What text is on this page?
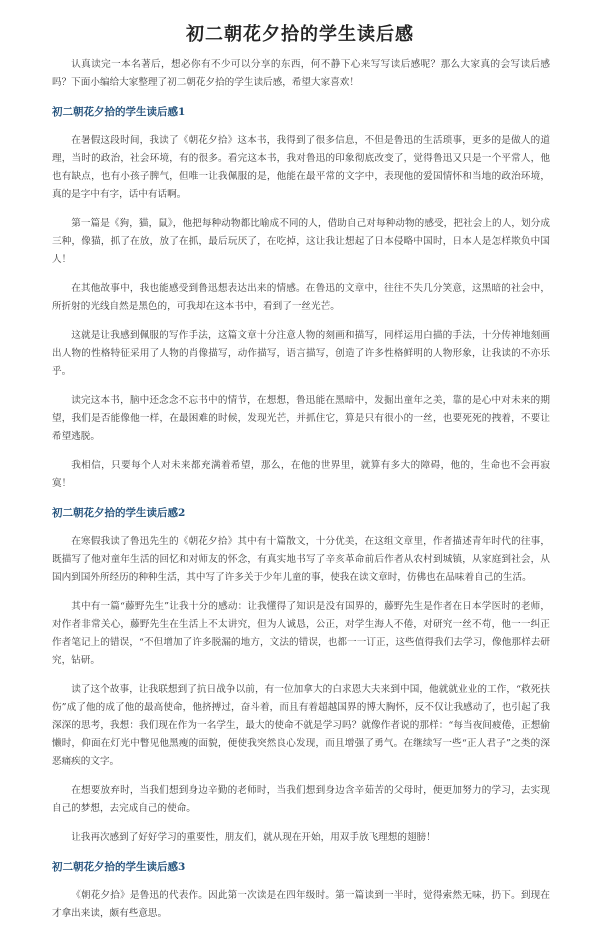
初二朝花夕拾的学生读后感

认真读完一本名著后，想必你有不少可以分享的东西，何不静下心来写写读后感呢？那么大家真的会写读后感吗？下面小编给大家整理了初二朝花夕拾的学生读后感，希望大家喜欢！

初二朝花夕拾的学生读后感1

在暑假这段时间，我读了《朝花夕拾》这本书，我得到了很多信息，不但是鲁迅的生活琐事，更多的是做人的道理，当时的政治，社会环境，有的很多。看完这本书，我对鲁迅的印象彻底改变了，觉得鲁迅又只是一个平常人，他也有缺点，也有小孩子脾气，但唯一让我佩服的是，他能在最平常的文字中，表现他的爱国情怀和当地的政治环境，真的是字中有字，话中有话啊。

第一篇是《狗，猫，鼠》，他把每种动物都比喻成不同的人，借助自己对每种动物的感受，把社会上的人，划分成三种，像猫，抓了在放，放了在抓，最后玩厌了，在吃掉，这让我让想起了日本侵略中国时，日本人是怎样欺负中国人！

在其他故事中，我也能感受到鲁迅想表达出来的情感。在鲁迅的文章中，往往不失几分笑意，这黑暗的社会中，所折射的光线自然是黑色的，可我却在这本书中，看到了一丝光芒。

这就是让我感到佩服的写作手法，这篇文章十分注意人物的刻画和描写，同样运用白描的手法，十分传神地刻画出人物的性格特征采用了人物的肖像描写，动作描写，语言描写，创造了许多性格鲜明的人物形象，让我读的不亦乐乎。

读完这本书，脑中还念念不忘书中的情节，在想想，鲁迅能在黑暗中，发掘出童年之美，靠的是心中对未来的期望，我们是否能像他一样，在最困难的时候，发现光芒，并抓住它，算是只有很小的一丝，也要死死的拽着，不要让希望逃脱。

我相信，只要每个人对未来都充满着希望，那么，在他的世界里，就算有多大的障碍，他的，生命也不会再寂寞！

初二朝花夕拾的学生读后感2

在寒假我读了鲁迅先生的《朝花夕拾》其中有十篇散文，十分优美，在这组文章里，作者描述青年时代的往事，既描写了他对童年生活的回忆和对师友的怀念，有真实地书写了辛亥革命前后作者从农村到城镇，从家庭到社会，从国内到国外所经历的种种生活，其中写了许多关于少年儿童的事，使我在读文章时，仿佛也在品味着自己的生活。

其中有一篇“藤野先生”让我十分的感动：让我懂得了知识是没有国界的，藤野先生是作者在日本学医时的老师，对作者非常关心，藤野先生在生活上不太讲究，但为人诚恳，公正，对学生海人不倦，对研究一丝不苟，他一一纠正作者笔记上的错误，“不但增加了许多脱漏的地方，文法的错误，也都一一订正，这些值得我们去学习，像他那样去研究，钻研。

读了这个故事，让我联想到了抗日战争以前，有一位加拿大的白求恩大夫来到中国，他就就业业的工作，“救死扶伤”成了他的成了他的最高使命，他挤搏过，奋斗着，而且有着超越国界的博大胸怀，反不仅让我感动了，也引起了我深深的思考，我想：我们现在作为一名学生，最大的使命不就是学习吗？就像作者说的那样：“每当夜间疲倦，正想偷懒时，仰面在灯光中瞥见他黑瘦的面貌，便使我突然良心发现，而且增强了勇气。在继续写一些“正人君子”之类的深恶痛疾的文字。

在想要放弃时，当我们想到身边辛勤的老师时，当我们想到身边含辛茹苦的父母时，便更加努力的学习，去实现自己的梦想，去完成自己的使命。

让我再次感到了好好学习的重要性，朋友们，就从现在开始，用双手放飞理想的翅膀！

初二朝花夕拾的学生读后感3

《朝花夕拾》是鲁迅的代表作。因此第一次读是在四年级时。第一篇读到一半时，觉得索然无味，扔下。到现在才拿出来读，颇有些意思。
